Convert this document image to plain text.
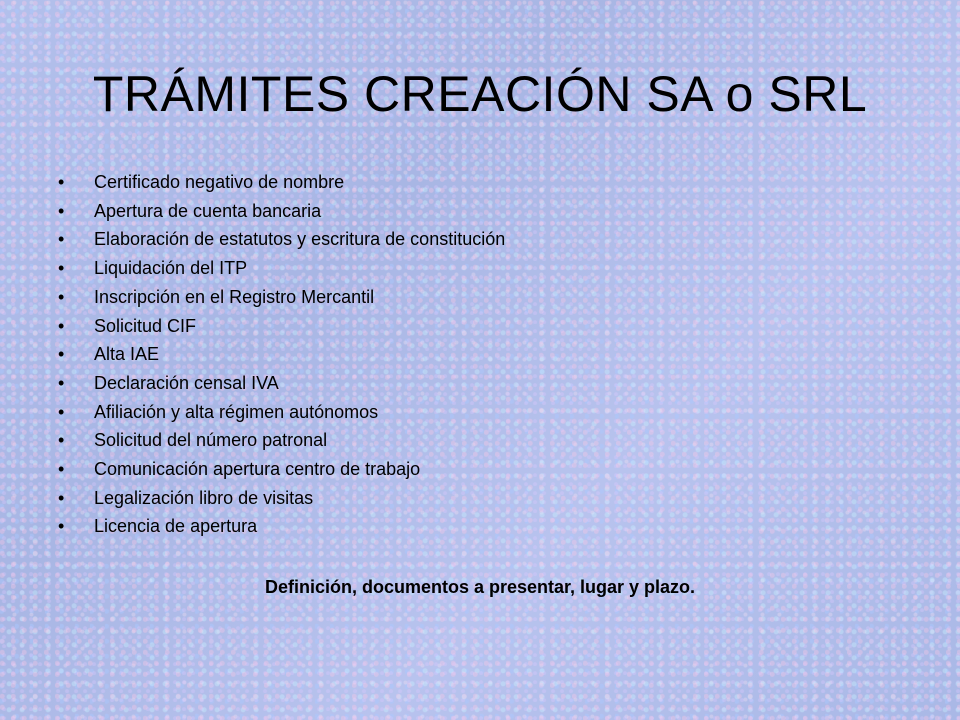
TRÁMITES CREACIÓN SA o SRL
• Certificado negativo de nombre
• Apertura de cuenta bancaria
• Elaboración de estatutos y escritura de constitución
• Liquidación del ITP
• Inscripción en el Registro Mercantil
• Solicitud CIF
• Alta IAE
• Declaración censal IVA
• Afiliación y alta régimen autónomos
• Solicitud del número patronal
• Comunicación apertura centro de trabajo
• Legalización libro de visitas
• Licencia de apertura
Definición, documentos a presentar, lugar y plazo.
